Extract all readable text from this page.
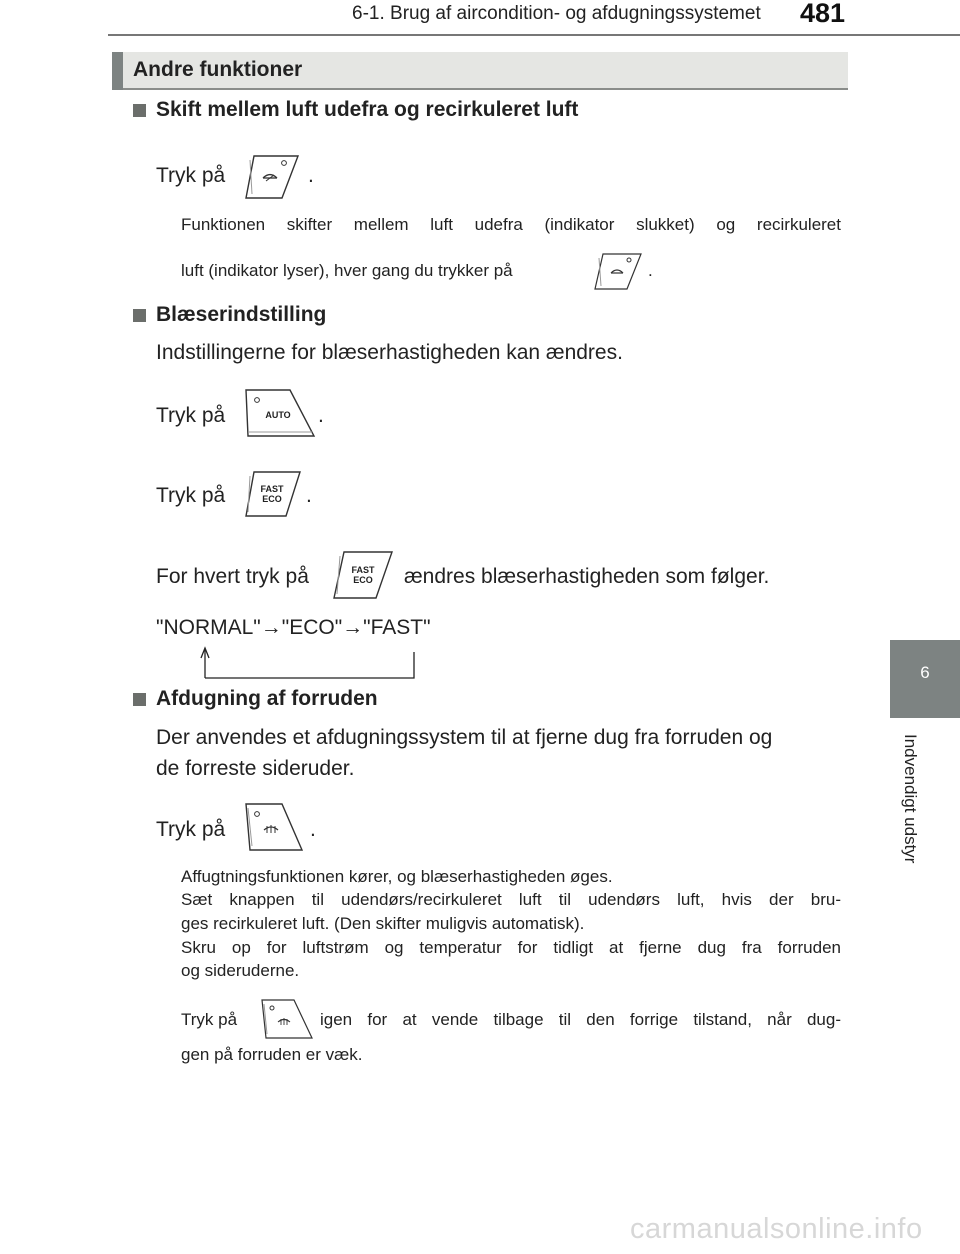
6-1. Brug af aircondition- og afdugningssystemet 481
6
Indvendigt udstyr
Andre funktioner
Skift mellem luft udefra og recirkuleret luft
Tryk på	.
Funktionen skifter mellem luft udefra (indikator slukket) og recirkuleret
luft (indikator lyser), hver gang du trykker på	.
Blæserindstilling
Indstillingerne for blæserhastigheden kan ændres.
Tryk på	AUTO .
Tryk på	FAST
ECO .
For hvert tryk på	FAST
ECO ændres blæserhastigheden som følger.
"NORMAL"→"ECO"→"FAST"
Afdugning af forruden
Der anvendes et afdugningssystem til at fjerne dug fra forruden og
de forreste sideruder.
Tryk på	.
Affugtningsfunktionen kører, og blæserhastigheden øges.
Sæt knappen til udendørs/recirkuleret luft til udendørs luft, hvis der bru-
ges recirkuleret luft. (Den skifter muligvis automatisk).
Skru op for luftstrøm og temperatur for tidligt at fjerne dug fra forruden
og sideruderne.
Tryk på	igen for at vende tilbage til den forrige tilstand, når dug-
gen på forruden er væk.
carmanualsonline.info
